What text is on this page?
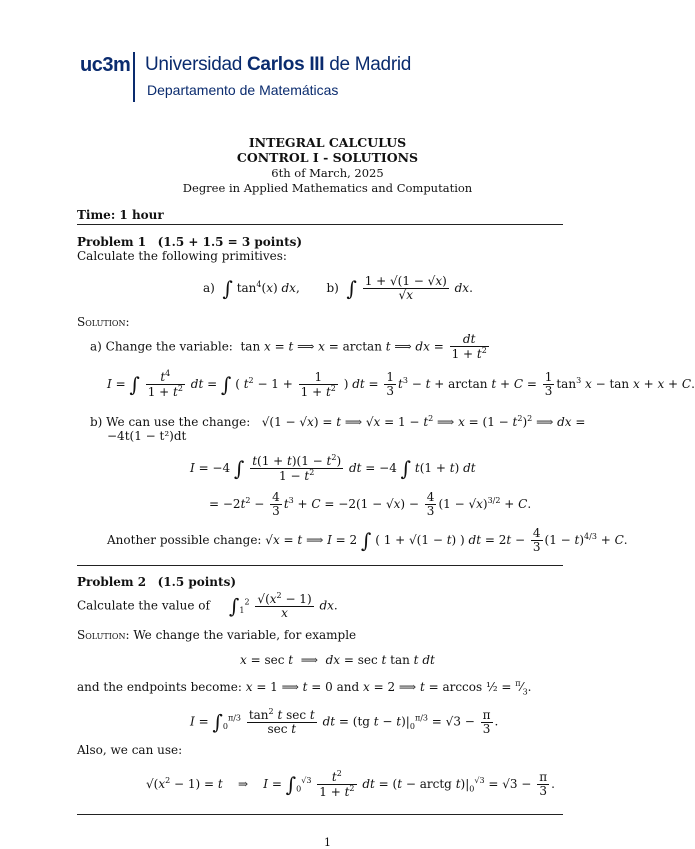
uc3m Universidad Carlos III de Madrid
Departamento de Matemáticas
INTEGRAL CALCULUS
CONTROL I - SOLUTIONS
6th of March, 2025
Degree in Applied Mathematics and Computation
Time: 1 hour
Problem 1 (1.5 + 1.5 = 3 points)
Calculate the following primitives:
a)  ∫ $\tan^4(x)$ dx,       b)  ∫ $\frac{1 + √(1 - √x)}{√x}$ dx.
Solution:
a) Change the variable:  tan x = t ⟹ x = arctan t ⟹ dx = $\frac{dt}{1 + t^2}$
I = ∫ $\frac{t^4}{1 + t^2}$ dt = ∫ ( $t^2 - 1 + \frac{1}{1 + t^2}$ ) dt = $\frac{1}{3} t^3 - t + \arctan t + C = \frac{1}{3} \tan^3 x - \tan x + x + C$.
b) We can use the change:   √(1 − √x) = t ⟹ $√x = 1 - t^2$ ⟹ $x = (1 - t^2)^2$ ⟹ dx =
−4t(1 − t²)dt
I = −4 ∫ $\frac{t(1 + t)(1 - t^2)}{1 - t^2}$ dt = −4 ∫ t(1 + t) dt
= $-2t^2 - \frac{4}{3} t^3 + C = -2(1 - √x) - \frac{4}{3} (1 - √x)^{3/2} + C$.
Another possible change: √x = t ⟹ I = 2 ∫ ( 1 + √(1 − t) ) dt = $2t - \frac{4}{3} (1 - t)^{4/3} + C$.
Problem 2 (1.5 points)
Calculate the value of $\int_1^2 \frac{√(x^2 - 1)}{x}$ dx.
Solution: We change the variable, for example
x = sec t  ⟹  dx = sec t tan t dt
and the endpoints become: x = 1 ⟹ t = 0 and x = 2 ⟹ t = arccos ½ = $^\pi⁄_3$.
$I = \int_0^{\pi/3} \frac{\tan^2 t \sec t}{\text{sec t}}$ dt = (tg $t - t)|_0^{\pi/3} = √3 - \frac{\pi}{3}$ .
Also, we can use:
$√(x^2 - 1) = t$    ⇒    $I = \int_0^{√3} \frac{t^2}{1 + t^2}$ dt = (t − arctg $t)|_0^{√3} = √3 - \frac{\pi}{3}$ .
1
